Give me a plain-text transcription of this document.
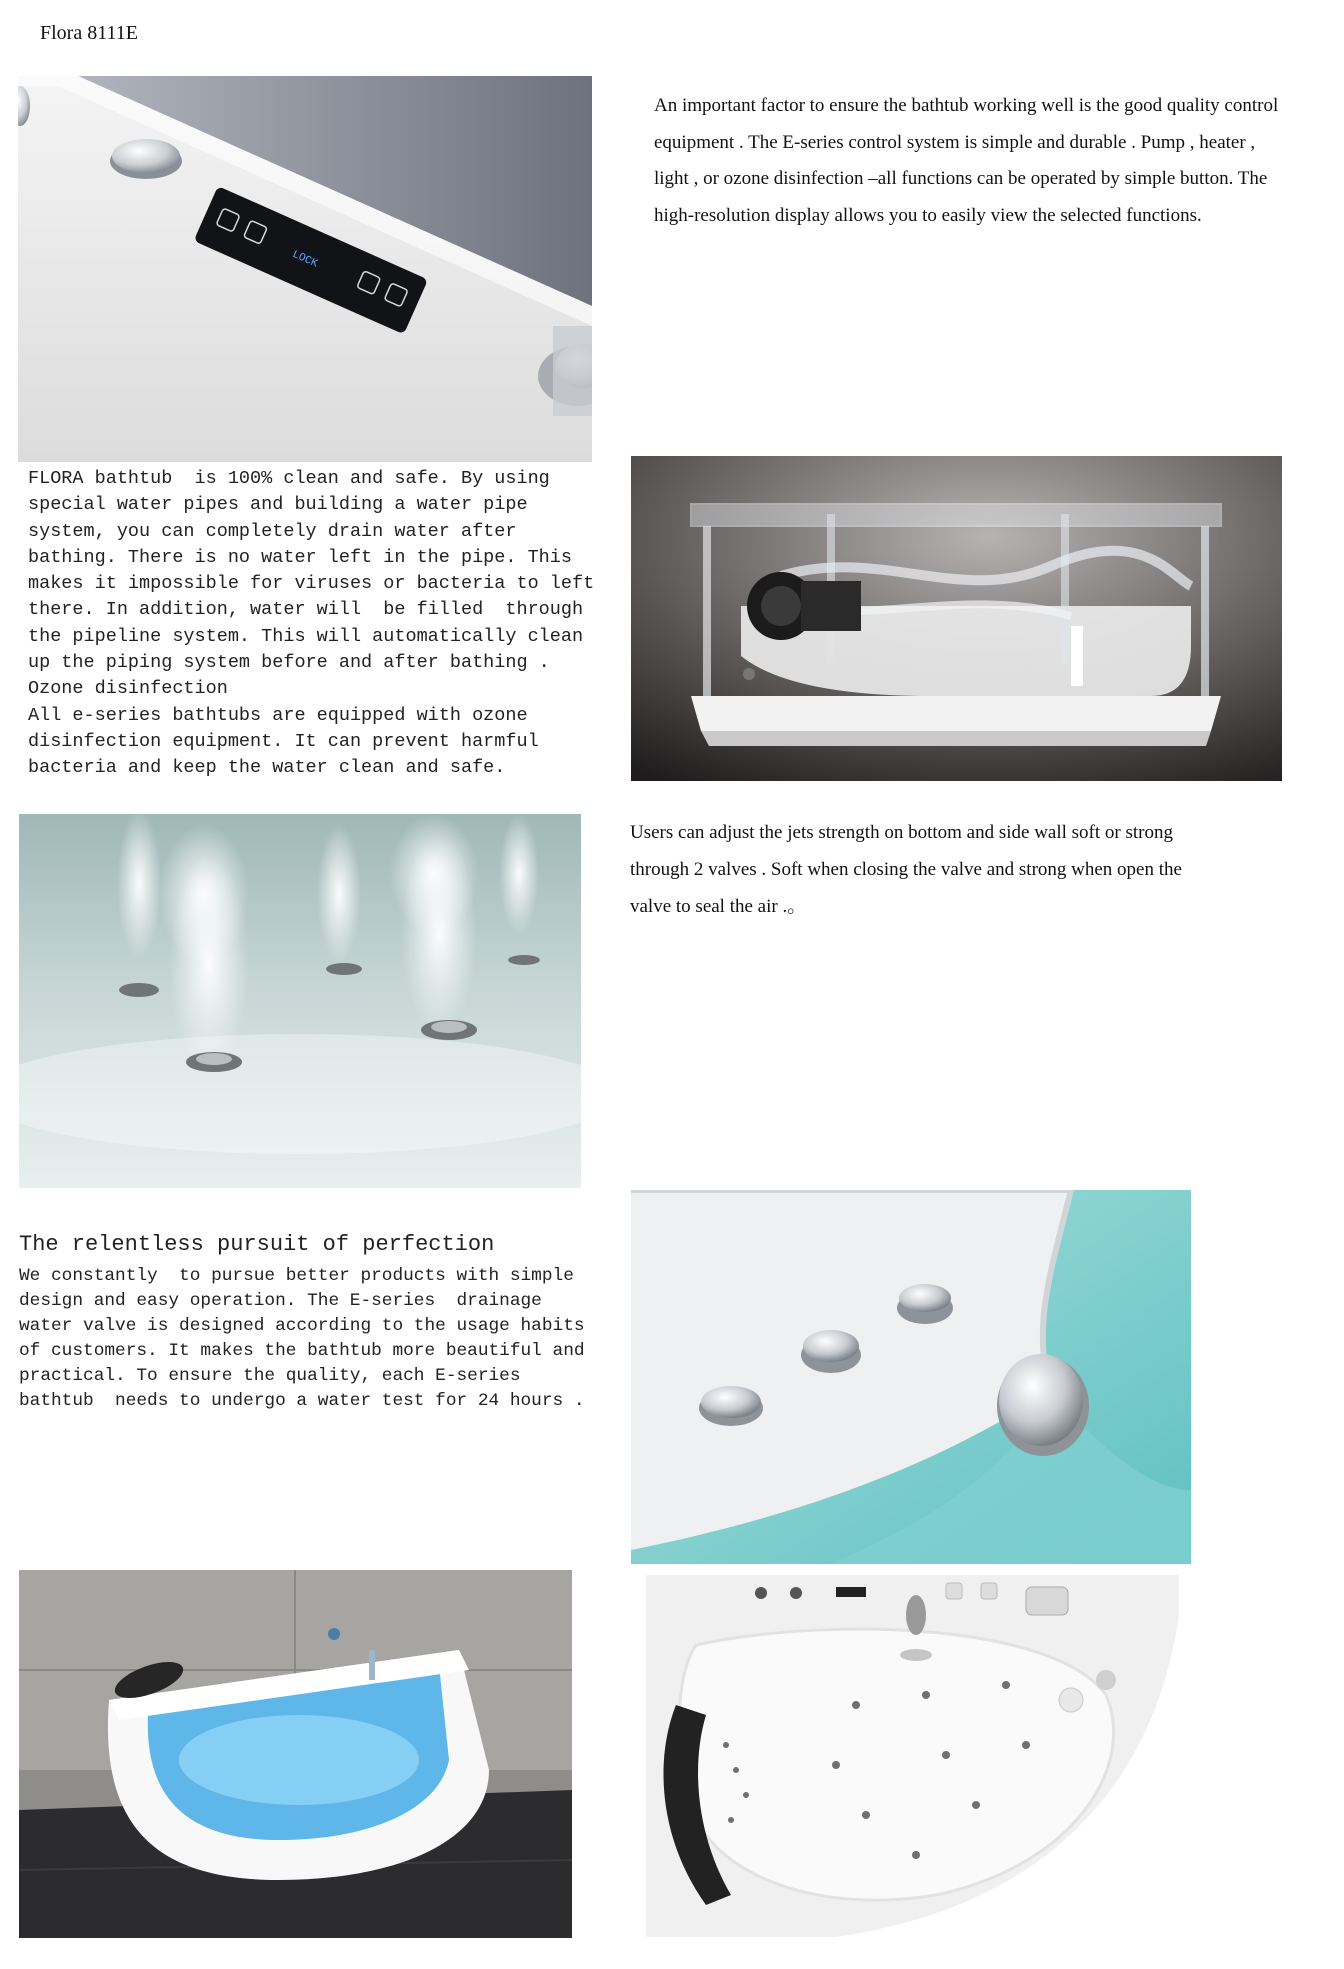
Flora 8111E
LOCK
An important factor to ensure the bathtub working well is the good quality control equipment . The E-series control system is simple and durable . Pump , heater , light , or ozone disinfection –all functions can be operated by simple button. The high-resolution display allows you to easily view the selected functions.
FLORA bathtub  is 100% clean and safe. By using
special water pipes and building a water pipe
system, you can completely drain water after
bathing. There is no water left in the pipe. This
makes it impossible for viruses or bacteria to left
there. In addition, water will  be filled  through
the pipeline system. This will automatically clean
up the piping system before and after bathing .
Ozone disinfection
All e-series bathtubs are equipped with ozone
disinfection equipment. It can prevent harmful
bacteria and keep the water clean and safe.
Users can adjust the jets strength on bottom and side wall soft or strong through 2 valves . Soft when closing the valve and strong when open the valve to seal the air .。
The relentless pursuit of perfection
We constantly  to pursue better products with simple
design and easy operation. The E-series  drainage
water valve is designed according to the usage habits
of customers. It makes the bathtub more beautiful and
practical. To ensure the quality, each E-series
bathtub  needs to undergo a water test for 24 hours .
